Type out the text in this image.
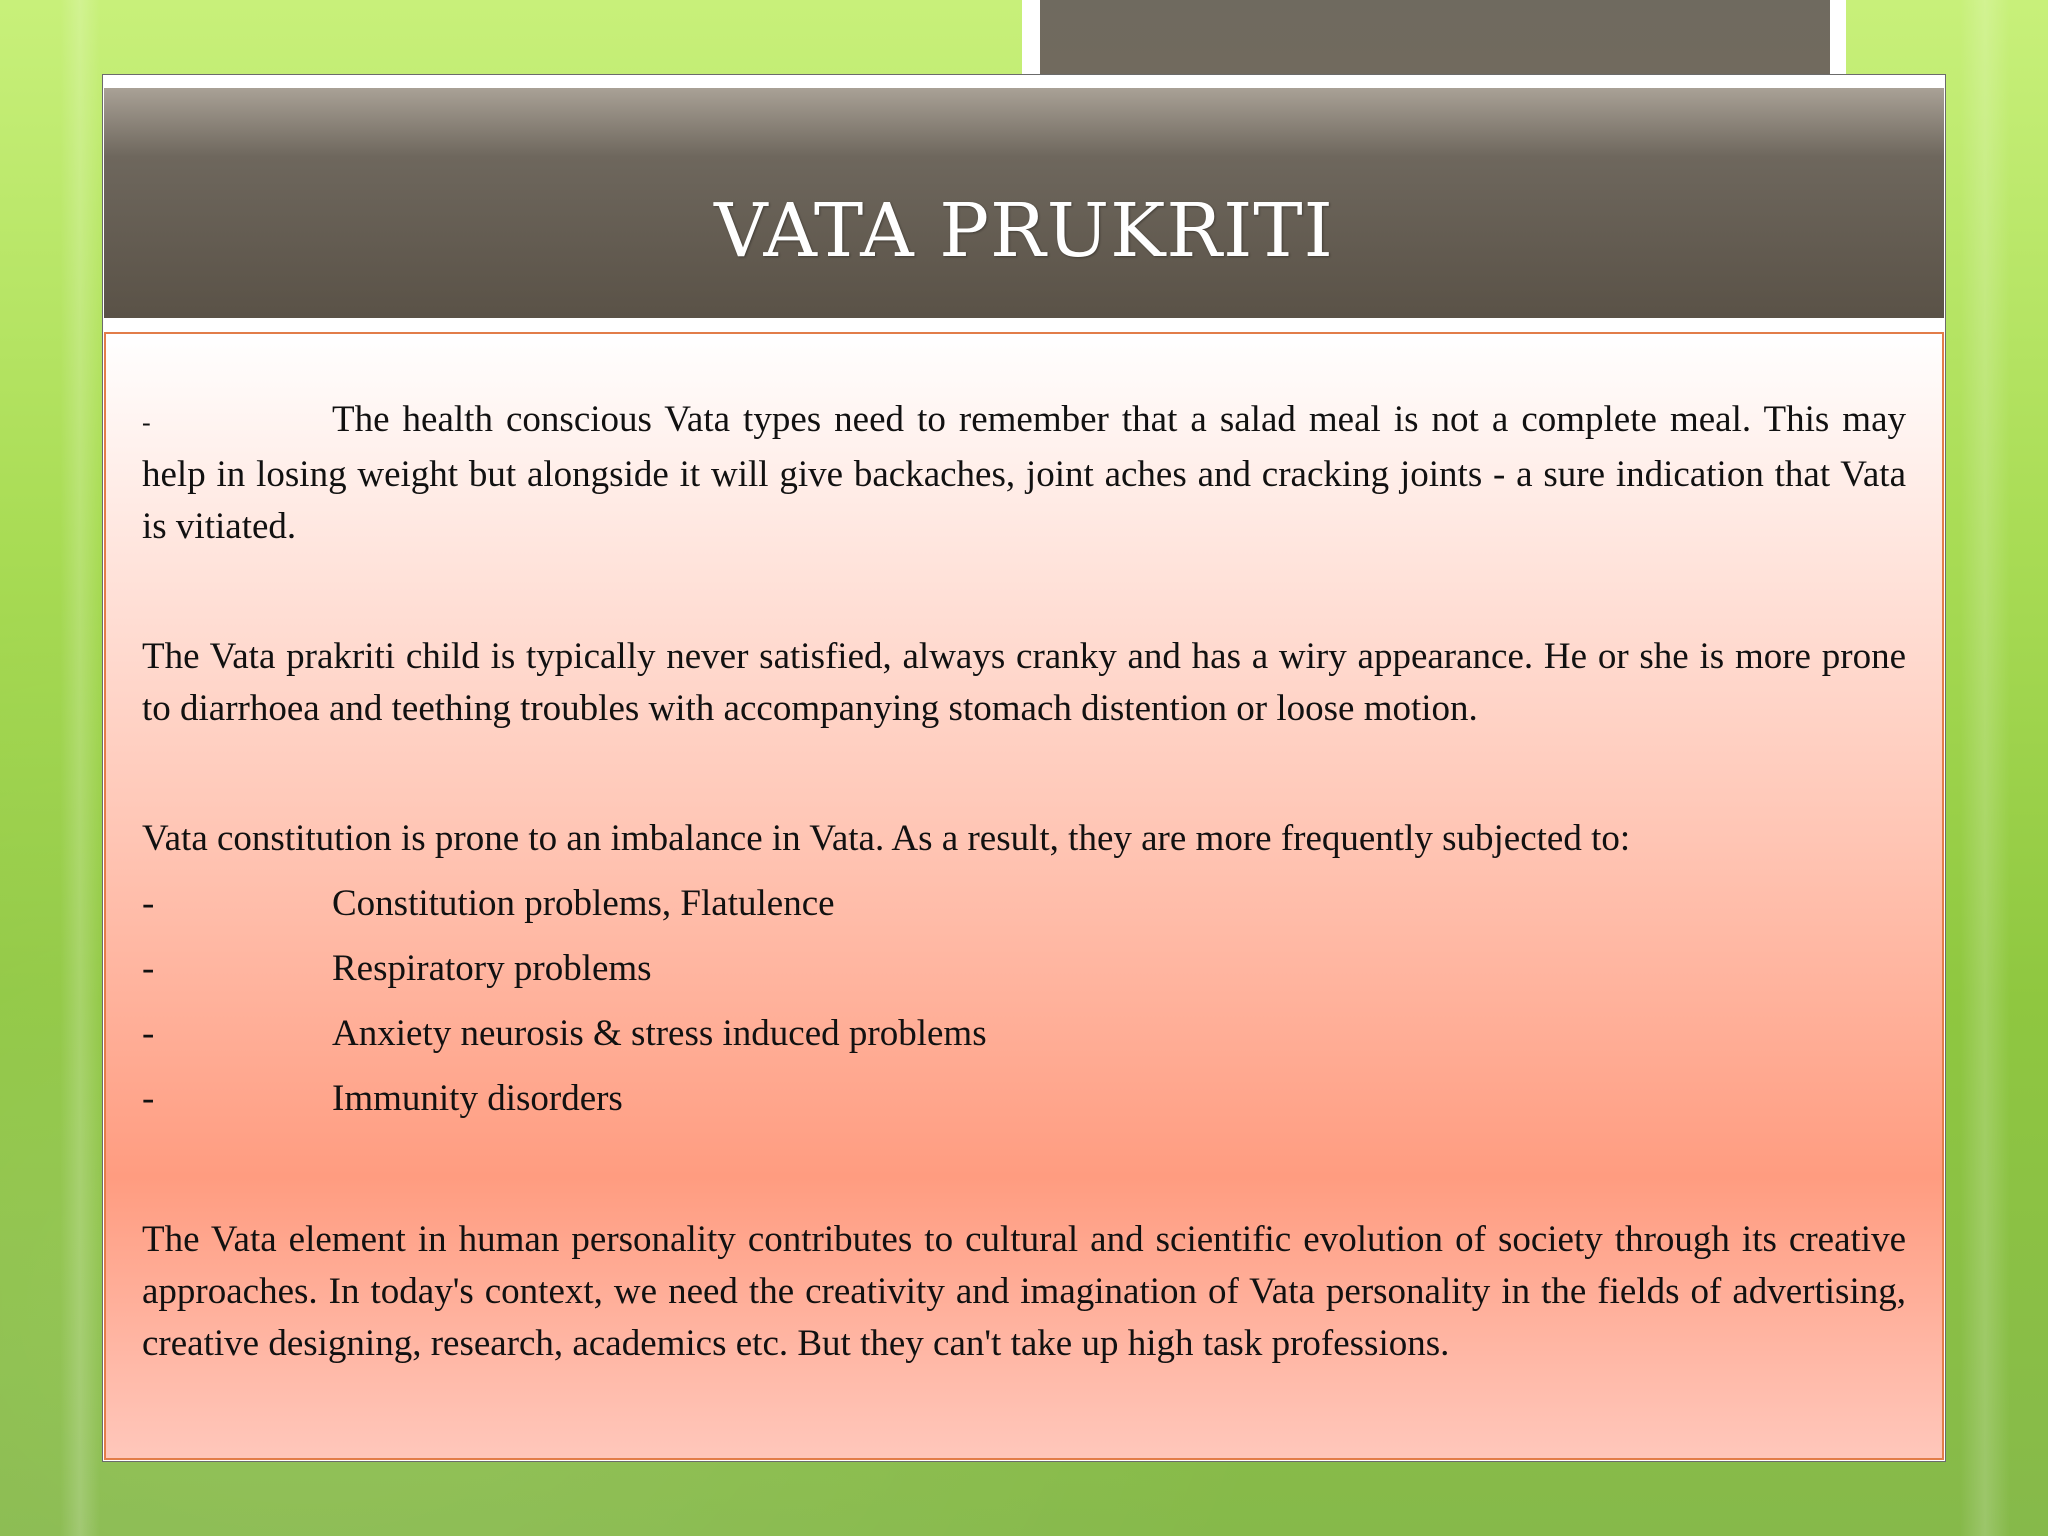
VATA PRUKRITI

-	The health conscious Vata types need to remember that a salad meal is not a complete meal. This may help in losing weight but alongside it will give backaches, joint aches and cracking joints - a sure indication that Vata is vitiated.

The Vata prakriti child is typically never satisfied, always cranky and has a wiry appearance. He or she is more prone to diarrhoea and teething troubles with accompanying stomach distention or loose motion.

Vata constitution is prone to an imbalance in Vata. As a result, they are more frequently subjected to:

-	Constitution problems, Flatulence
-	Respiratory problems
-	Anxiety neurosis & stress induced problems
-	Immunity disorders

The Vata element in human personality contributes to cultural and scientific evolution of society through its creative approaches. In today's context, we need the creativity and imagination of Vata personality in the fields of advertising, creative designing, research, academics etc. But they can't take up high task professions.
